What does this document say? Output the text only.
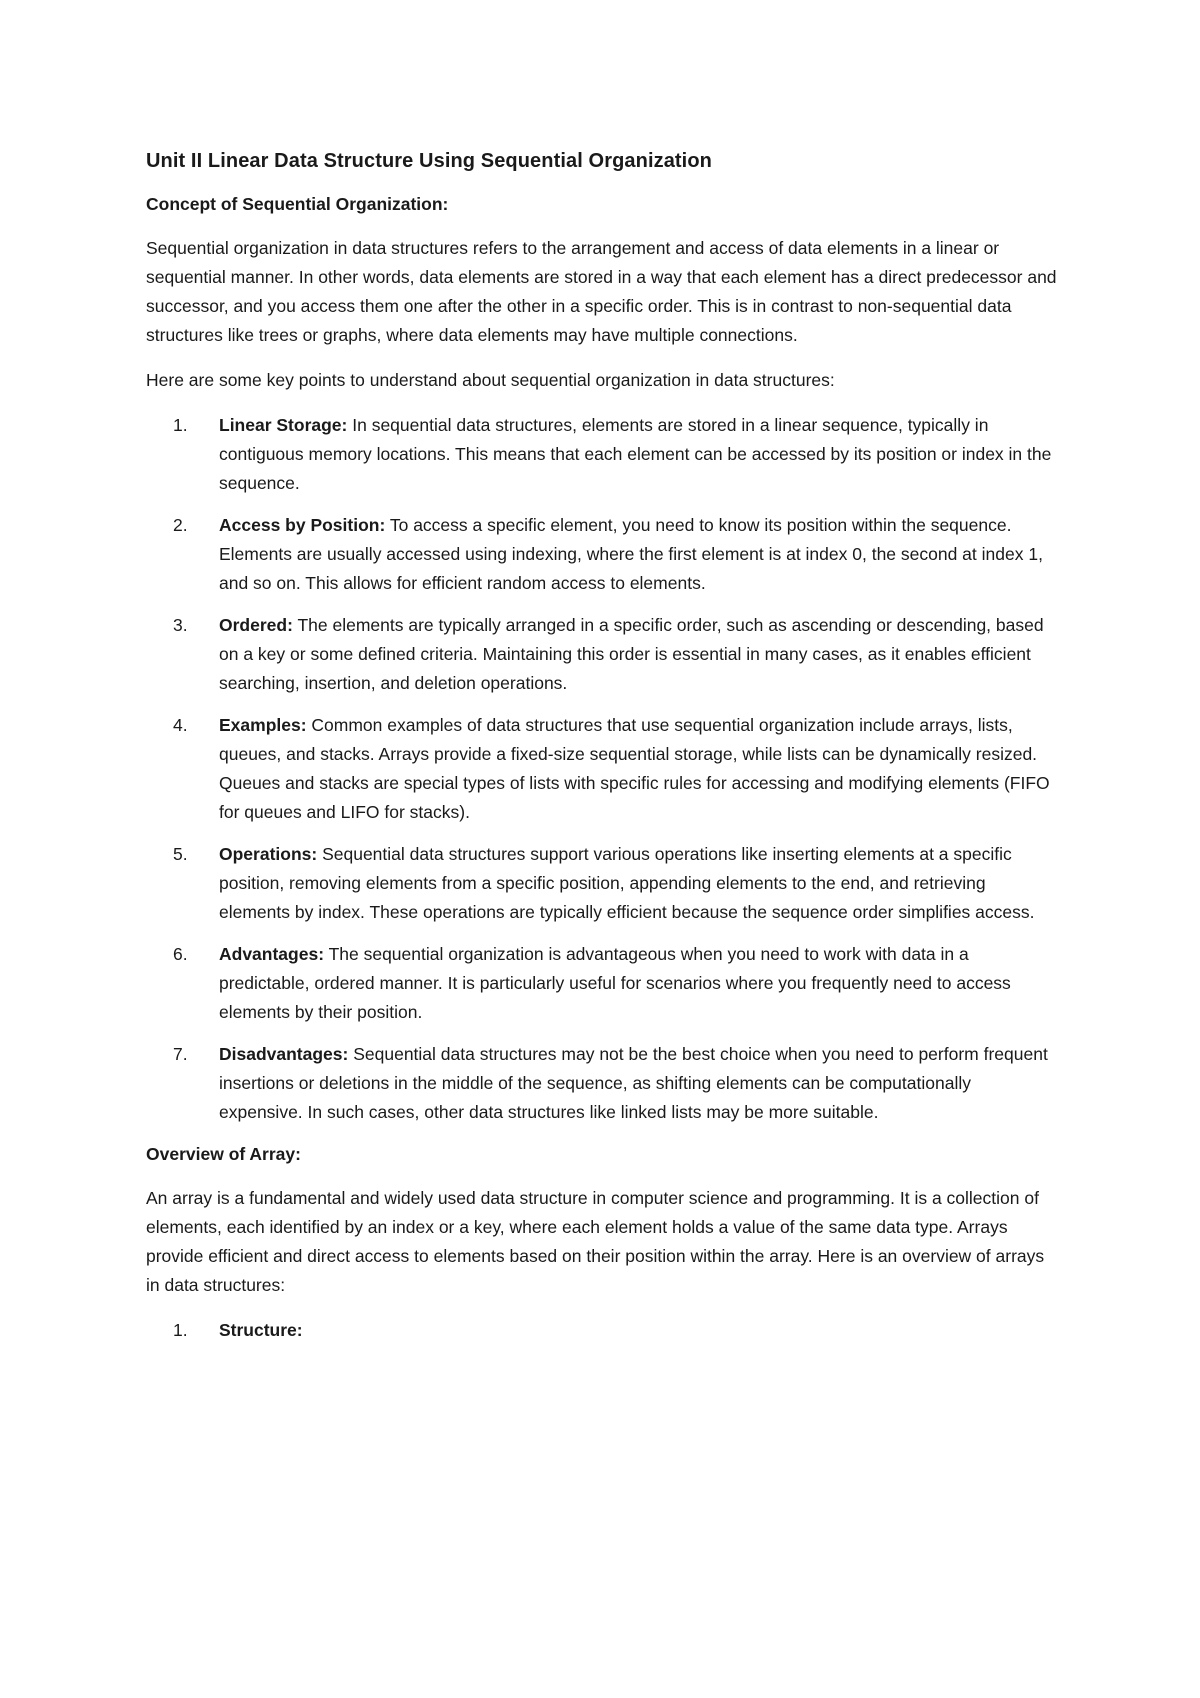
Unit II Linear Data Structure Using Sequential Organization
Concept of Sequential Organization:

Sequential organization in data structures refers to the arrangement and access of data elements in a linear or sequential manner. In other words, data elements are stored in a way that each element has a direct predecessor and successor, and you access them one after the other in a specific order. This is in contrast to non-sequential data structures like trees or graphs, where data elements may have multiple connections.

Here are some key points to understand about sequential organization in data structures:

1. Linear Storage: In sequential data structures, elements are stored in a linear sequence, typically in contiguous memory locations. This means that each element can be accessed by its position or index in the sequence.
2. Access by Position: To access a specific element, you need to know its position within the sequence. Elements are usually accessed using indexing, where the first element is at index 0, the second at index 1, and so on. This allows for efficient random access to elements.
3. Ordered: The elements are typically arranged in a specific order, such as ascending or descending, based on a key or some defined criteria. Maintaining this order is essential in many cases, as it enables efficient searching, insertion, and deletion operations.
4. Examples: Common examples of data structures that use sequential organization include arrays, lists, queues, and stacks. Arrays provide a fixed-size sequential storage, while lists can be dynamically resized. Queues and stacks are special types of lists with specific rules for accessing and modifying elements (FIFO for queues and LIFO for stacks).
5. Operations: Sequential data structures support various operations like inserting elements at a specific position, removing elements from a specific position, appending elements to the end, and retrieving elements by index. These operations are typically efficient because the sequence order simplifies access.
6. Advantages: The sequential organization is advantageous when you need to work with data in a predictable, ordered manner. It is particularly useful for scenarios where you frequently need to access elements by their position.
7. Disadvantages: Sequential data structures may not be the best choice when you need to perform frequent insertions or deletions in the middle of the sequence, as shifting elements can be computationally expensive. In such cases, other data structures like linked lists may be more suitable.
Overview of Array:

An array is a fundamental and widely used data structure in computer science and programming. It is a collection of elements, each identified by an index or a key, where each element holds a value of the same data type. Arrays provide efficient and direct access to elements based on their position within the array. Here is an overview of arrays in data structures:

1. Structure:
